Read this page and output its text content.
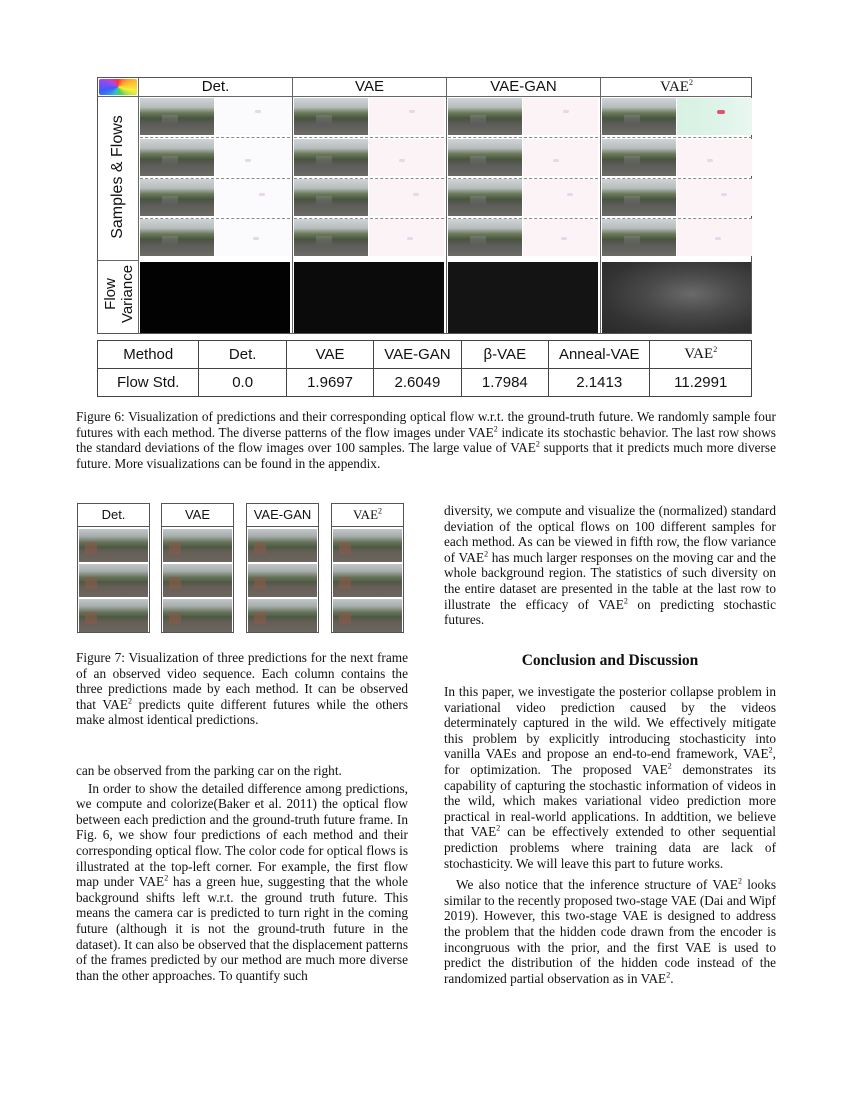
Det.	VAE	VAE-GAN	VAE$^2$
Samples & Flows
Flow
Variance
Method	Det.	VAE	VAE-GAN	β-VAE	Anneal-VAE	VAE$^2$
Flow Std.	0.0	1.9697	2.6049	1.7984	2.1413	11.2991
Figure 6: Visualization of predictions and their corresponding optical flow w.r.t. the ground-truth future. We randomly sample four futures with each method. The diverse patterns of the flow images under VAE$^2$ indicate its stochastic behavior. The last row shows the standard deviations of the flow images over 100 samples. The large value of VAE$^2$ supports that it predicts much more diverse future. More visualizations can be found in the appendix.
Det.	VAE	VAE-GAN	VAE$^2$
Figure 7: Visualization of three predictions for the next frame of an observed video sequence. Each column contains the three predictions made by each method. It can be observed that VAE$^2$ predicts quite different futures while the others make almost identical predictions.

can be observed from the parking car on the right.

In order to show the detailed difference among predictions, we compute and colorize(Baker et al. 2011) the optical flow between each prediction and the ground-truth future frame. In Fig. 6, we show four predictions of each method and their corresponding optical flow. The color code for optical flows is illustrated at the top-left corner. For example, the first flow map under VAE$^2$ has a green hue, suggesting that the whole background shifts left w.r.t. the ground truth future. This means the camera car is predicted to turn right in the coming future (although it is not the ground-truth future in the dataset). It can also be observed that the displacement patterns of the frames predicted by our method are much more diverse than the other approaches. To quantify such

diversity, we compute and visualize the (normalized) standard deviation of the optical flows on 100 different samples for each method. As can be viewed in fifth row, the flow variance of VAE$^2$ has much larger responses on the moving car and the whole background region. The statistics of such diversity on the entire dataset are presented in the table at the last row to illustrate the efficacy of VAE$^2$ on predicting stochastic futures.

Conclusion and Discussion

In this paper, we investigate the posterior collapse problem in variational video prediction caused by the videos determinately captured in the wild. We effectively mitigate this problem by explicitly introducing stochasticity into vanilla VAEs and propose an end-to-end framework, VAE$^2$, for optimization. The proposed VAE$^2$ demonstrates its capability of capturing the stochastic information of videos in the wild, which makes variational video prediction more practical in real-world applications. In addtition, we believe that VAE$^2$ can be effectively extended to other sequential prediction problems where training data are lack of stochasticity. We will leave this part to future works.

We also notice that the inference structure of VAE$^2$ looks similar to the recently proposed two-stage VAE (Dai and Wipf 2019). However, this two-stage VAE is designed to address the problem that the hidden code drawn from the encoder is incongruous with the prior, and the first VAE is used to predict the distribution of the hidden code instead of the randomized partial observation as in VAE$^2$.
